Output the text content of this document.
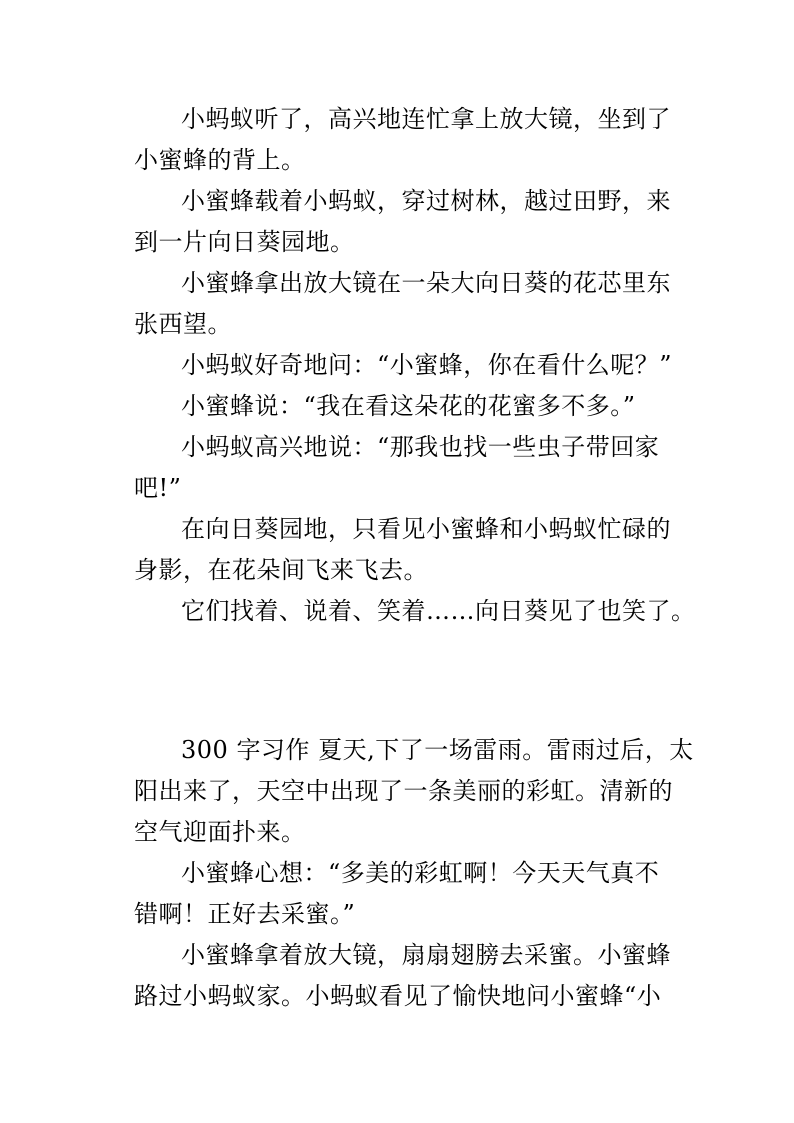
小蚂蚁听了，高兴地连忙拿上放大镜，坐到了
小蜜蜂的背上。
小蜜蜂载着小蚂蚁，穿过树林，越过田野，来
到一片向日葵园地。
小蜜蜂拿出放大镜在一朵大向日葵的花芯里东
张西望。
小蚂蚁好奇地问：“小蜜蜂，你在看什么呢？”
小蜜蜂说：“我在看这朵花的花蜜多不多。”
小蚂蚁高兴地说：“那我也找一些虫子带回家
吧!”
在向日葵园地，只看见小蜜蜂和小蚂蚁忙碌的
身影，在花朵间飞来飞去。
它们找着、说着、笑着……向日葵见了也笑了。
300 字习作 夏天,下了一场雷雨。雷雨过后，太
阳出来了，天空中出现了一条美丽的彩虹。清新的
空气迎面扑来。
小蜜蜂心想：“多美的彩虹啊！今天天气真不
错啊！正好去采蜜。”
小蜜蜂拿着放大镜，扇扇翅膀去采蜜。小蜜蜂
路过小蚂蚁家。小蚂蚁看见了愉快地问小蜜蜂“小
